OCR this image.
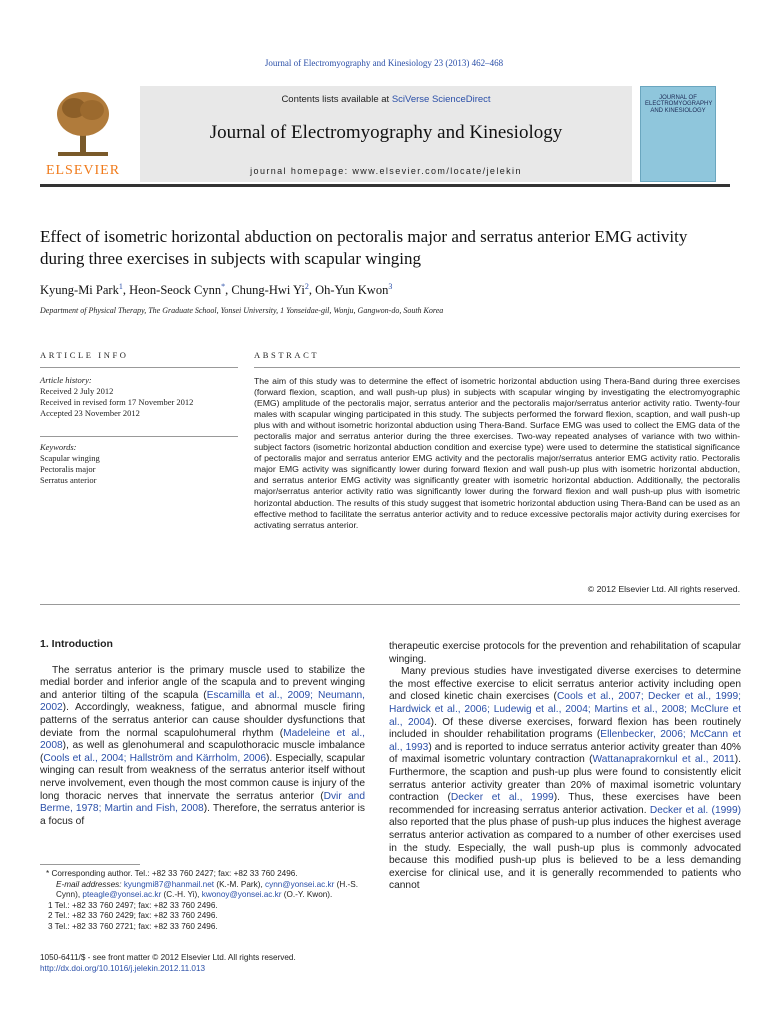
Journal of Electromyography and Kinesiology 23 (2013) 462–468
ELSEVIER
Contents lists available at SciVerse ScienceDirect
Journal of Electromyography and Kinesiology
journal homepage: www.elsevier.com/locate/jelekin
JOURNAL OF ELECTROMYOGRAPHY AND KINESIOLOGY
Effect of isometric horizontal abduction on pectoralis major and serratus anterior EMG activity during three exercises in subjects with scapular winging
Kyung-Mi Park$^1$, Heon-Seock Cynn*, Chung-Hwi Yi$^2$, Oh-Yun Kwon$^3$
Department of Physical Therapy, The Graduate School, Yonsei University, 1 Yonseidae-gil, Wonju, Gangwon-do, South Korea
ARTICLE INFO
Article history:
Received 2 July 2012
Received in revised form 17 November 2012
Accepted 23 November 2012
Keywords:
Scapular winging
Pectoralis major
Serratus anterior
ABSTRACT
The aim of this study was to determine the effect of isometric horizontal abduction using Thera-Band during three exercises (forward flexion, scaption, and wall push-up plus) in subjects with scapular winging by investigating the electromyographic (EMG) amplitude of the pectoralis major, serratus anterior and the pectoralis major/serratus anterior activity ratio. Twenty-four males with scapular winging participated in this study. The subjects performed the forward flexion, scaption, and wall push-up plus with and without isometric horizontal abduction using Thera-Band. Surface EMG was used to collect the EMG data of the pectoralis major and serratus anterior during the three exercises. Two-way repeated analyses of variance with two within-subject factors (isometric horizontal abduction condition and exercise type) were used to determine the statistical significance of pectoralis major and serratus anterior EMG activity and the pectoralis major/serratus anterior EMG activity ratio. Pectoralis major EMG activity was significantly lower during forward flexion and wall push-up plus with isometric horizontal abduction, and serratus anterior EMG activity was significantly greater with isometric horizontal abduction. Additionally, the pectoralis major/serratus anterior activity ratio was significantly lower during the forward flexion and wall push-up plus with isometric horizontal abduction. The results of this study suggest that isometric horizontal abduction using Thera-Band can be used as an effective method to facilitate the serratus anterior activity and to reduce excessive pectoralis major activity during exercises for activating serratus anterior.
© 2012 Elsevier Ltd. All rights reserved.
1. Introduction

The serratus anterior is the primary muscle used to stabilize the medial border and inferior angle of the scapula and to prevent winging and anterior tilting of the scapula (Escamilla et al., 2009; Neumann, 2002). Accordingly, weakness, fatigue, and abnormal muscle firing patterns of the serratus anterior can cause shoulder dysfunctions that deviate from the normal scapulohumeral rhythm (Madeleine et al., 2008), as well as glenohumeral and scapulothoracic muscle imbalance (Cools et al., 2004; Hallström and Kärrholm, 2006). Especially, scapular winging can result from weakness of the serratus anterior itself without nerve involvement, even though the most common cause is injury of the long thoracic nerves that innervate the serratus anterior (Dvir and Berme, 1978; Martin and Fish, 2008). Therefore, the serratus anterior is a focus of

* Corresponding author. Tel.: +82 33 760 2427; fax: +82 33 760 2496.
E-mail addresses: kyungmi87@hanmail.net (K.-M. Park), cynn@yonsei.ac.kr (H.-S. Cynn), pteagle@yonsei.ac.kr (C.-H. Yi), kwonoy@yonsei.ac.kr (O.-Y. Kwon).
1 Tel.: +82 33 760 2497; fax: +82 33 760 2496.
2 Tel.: +82 33 760 2429; fax: +82 33 760 2496.
3 Tel.: +82 33 760 2721; fax: +82 33 760 2496.
1050-6411/$ - see front matter © 2012 Elsevier Ltd. All rights reserved.
http://dx.doi.org/10.1016/j.jelekin.2012.11.013

therapeutic exercise protocols for the prevention and rehabilitation of scapular winging.

Many previous studies have investigated diverse exercises to determine the most effective exercise to elicit serratus anterior activity including open and closed kinetic chain exercises (Cools et al., 2007; Decker et al., 1999; Hardwick et al., 2006; Ludewig et al., 2004; Martins et al., 2008; McClure et al., 2004). Of these diverse exercises, forward flexion has been routinely included in shoulder rehabilitation programs (Ellenbecker, 2006; McCann et al., 1993) and is reported to induce serratus anterior activity greater than 40% of maximal isometric voluntary contraction (Wattanaprakornkul et al., 2011). Furthermore, the scaption and push-up plus were found to consistently elicit serratus anterior activity greater than 20% of maximal isometric voluntary contraction (Decker et al., 1999). Thus, these exercises have been recommended for increasing serratus anterior activation. Decker et al. (1999) also reported that the plus phase of push-up plus induces the highest average serratus anterior activation as compared to a number of other exercises used in the study. Especially, the wall push-up plus is commonly advocated because this modified push-up plus is believed to be a less demanding exercise for clinical use, and it is generally recommended to patients who cannot
